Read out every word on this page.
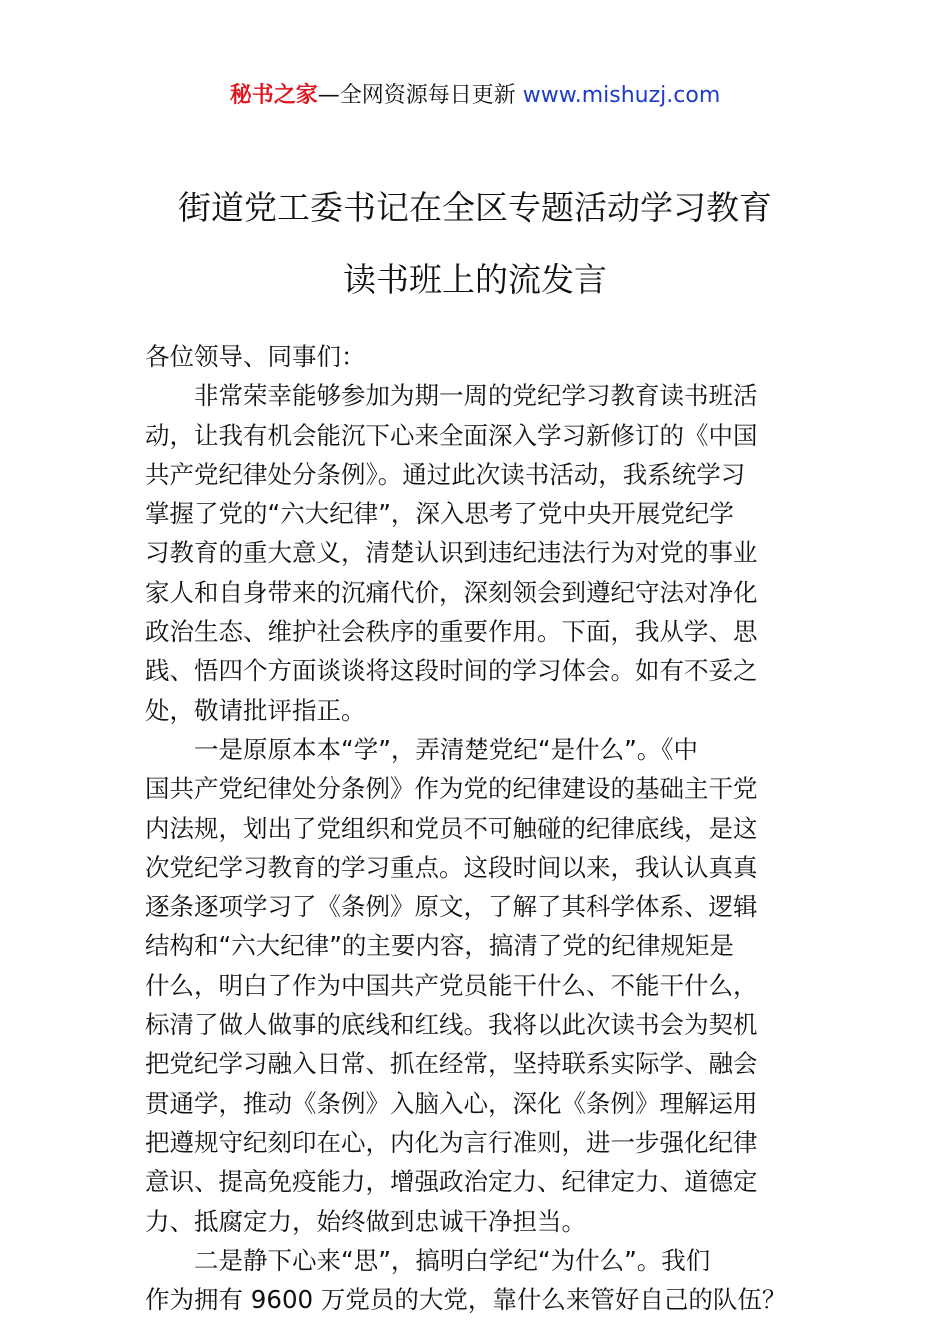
秘书之家—全网资源每日更新 www.mishuzj.com
街道党工委书记在全区专题活动学习教育
读书班上的流发言
各位领导、同事们：
非常荣幸能够参加为期一周的党纪学习教育读书班活
动，让我有机会能沉下心来全面深入学习新修订的《中国
共产党纪律处分条例》。通过此次读书活动，我系统学习
掌握了党的“六大纪律”，深入思考了党中央开展党纪学
习教育的重大意义，清楚认识到违纪违法行为对党的事业
家人和自身带来的沉痛代价，深刻领会到遵纪守法对净化
政治生态、维护社会秩序的重要作用。下面，我从学、思
践、悟四个方面谈谈将这段时间的学习体会。如有不妥之
处，敬请批评指正。
一是原原本本“学”，弄清楚党纪“是什么”。《中
国共产党纪律处分条例》作为党的纪律建设的基础主干党
内法规，划出了党组织和党员不可触碰的纪律底线，是这
次党纪学习教育的学习重点。这段时间以来，我认认真真
逐条逐项学习了《条例》原文，了解了其科学体系、逻辑
结构和“六大纪律”的主要内容，搞清了党的纪律规矩是
什么，明白了作为中国共产党员能干什么、不能干什么，
标清了做人做事的底线和红线。我将以此次读书会为契机
把党纪学习融入日常、抓在经常，坚持联系实际学、融会
贯通学，推动《条例》入脑入心，深化《条例》理解运用
把遵规守纪刻印在心，内化为言行准则，进一步强化纪律
意识、提高免疫能力，增强政治定力、纪律定力、道德定
力、抵腐定力，始终做到忠诚干净担当。
二是静下心来“思”，搞明白学纪“为什么”。我们
作为拥有 9600 万党员的大党，靠什么来管好自己的队伍？
